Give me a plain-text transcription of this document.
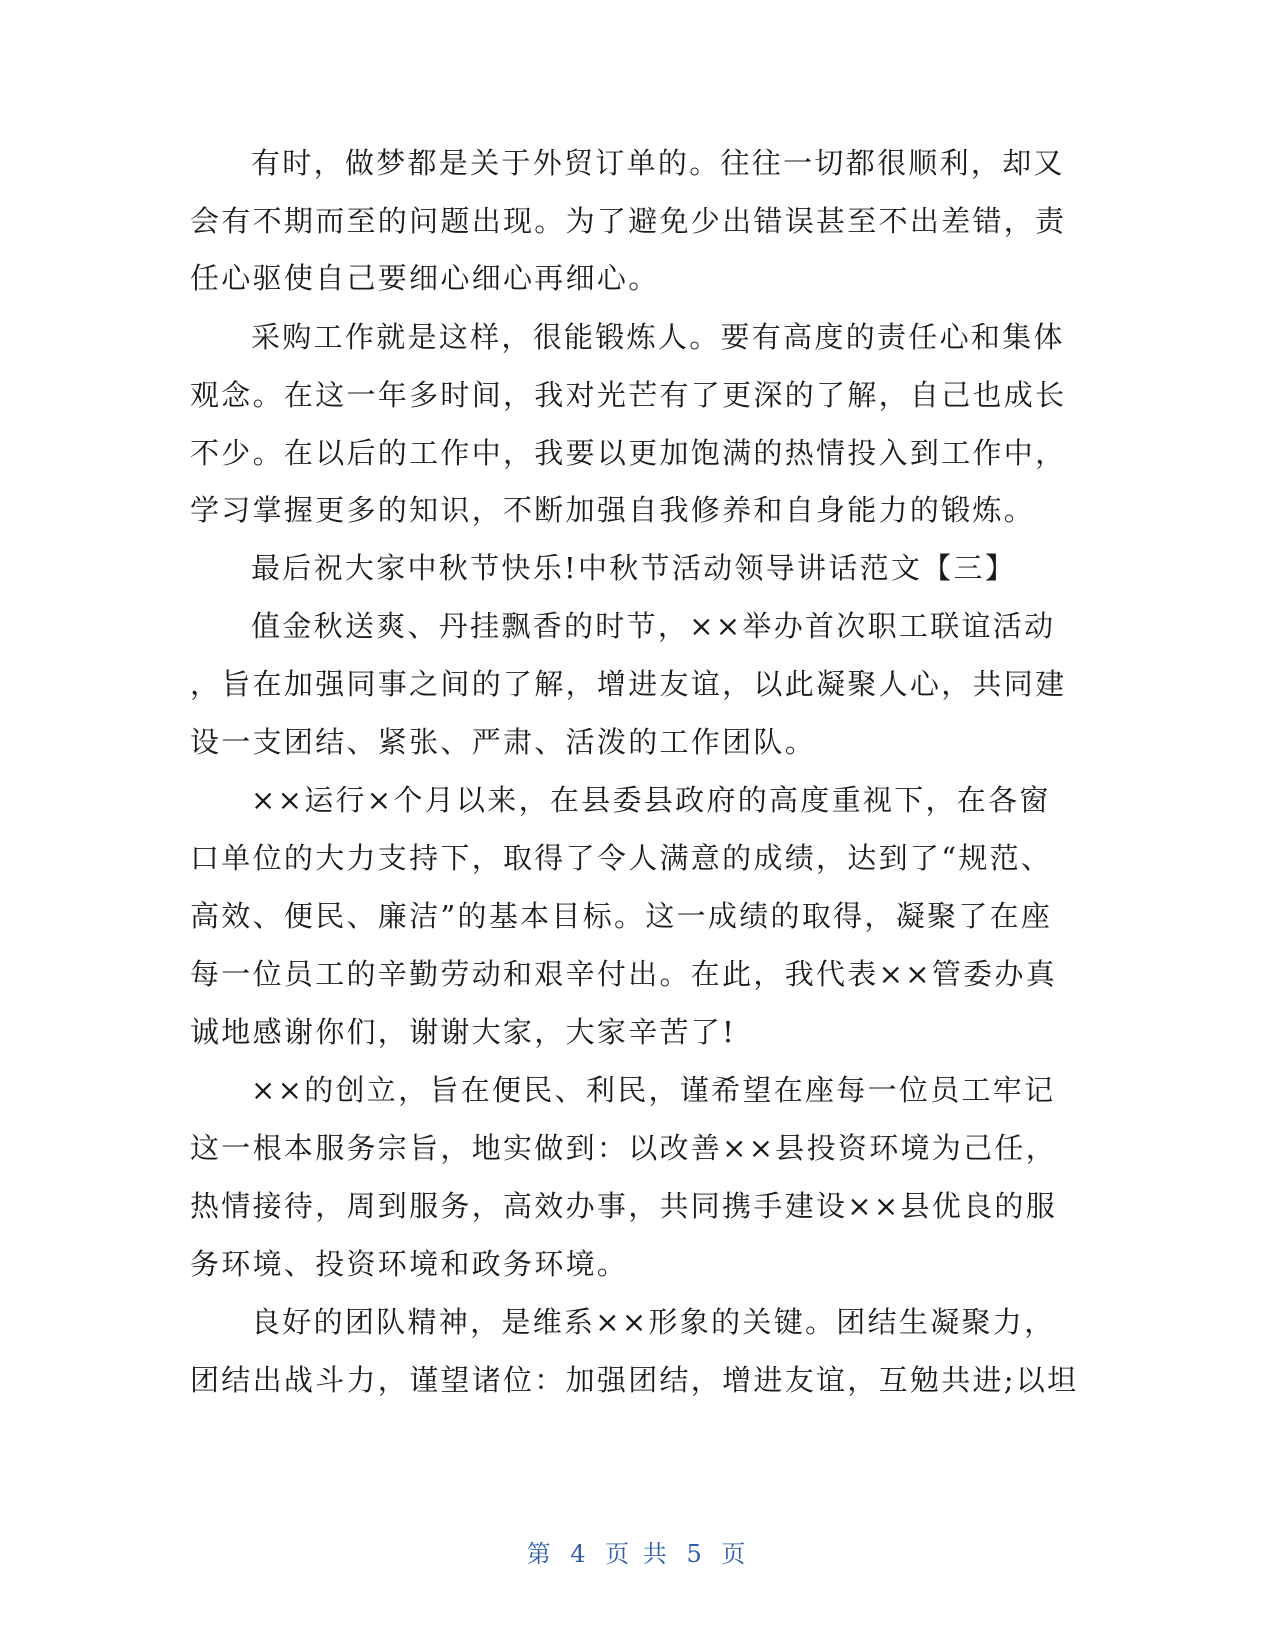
有时，做梦都是关于外贸订单的。往往一切都很顺利，却又
会有不期而至的问题出现。为了避免少出错误甚至不出差错，责
任心驱使自己要细心细心再细心。
采购工作就是这样，很能锻炼人。要有高度的责任心和集体
观念。在这一年多时间，我对光芒有了更深的了解，自己也成长
不少。在以后的工作中，我要以更加饱满的热情投入到工作中，
学习掌握更多的知识，不断加强自我修养和自身能力的锻炼。
最后祝大家中秋节快乐!中秋节活动领导讲话范文【三】
值金秋送爽、丹挂飘香的时节，××举办首次职工联谊活动
，旨在加强同事之间的了解，增进友谊，以此凝聚人心，共同建
设一支团结、紧张、严肃、活泼的工作团队。
××运行×个月以来，在县委县政府的高度重视下，在各窗
口单位的大力支持下，取得了令人满意的成绩，达到了“规范、
高效、便民、廉洁”的基本目标。这一成绩的取得，凝聚了在座
每一位员工的辛勤劳动和艰辛付出。在此，我代表××管委办真
诚地感谢你们，谢谢大家，大家辛苦了!
××的创立，旨在便民、利民，谨希望在座每一位员工牢记
这一根本服务宗旨，地实做到：以改善××县投资环境为己任，
热情接待，周到服务，高效办事，共同携手建设××县优良的服
务环境、投资环境和政务环境。
良好的团队精神，是维系××形象的关键。团结生凝聚力，
团结出战斗力，谨望诸位：加强团结，增进友谊，互勉共进;以坦
第 4 页 共 5 页
